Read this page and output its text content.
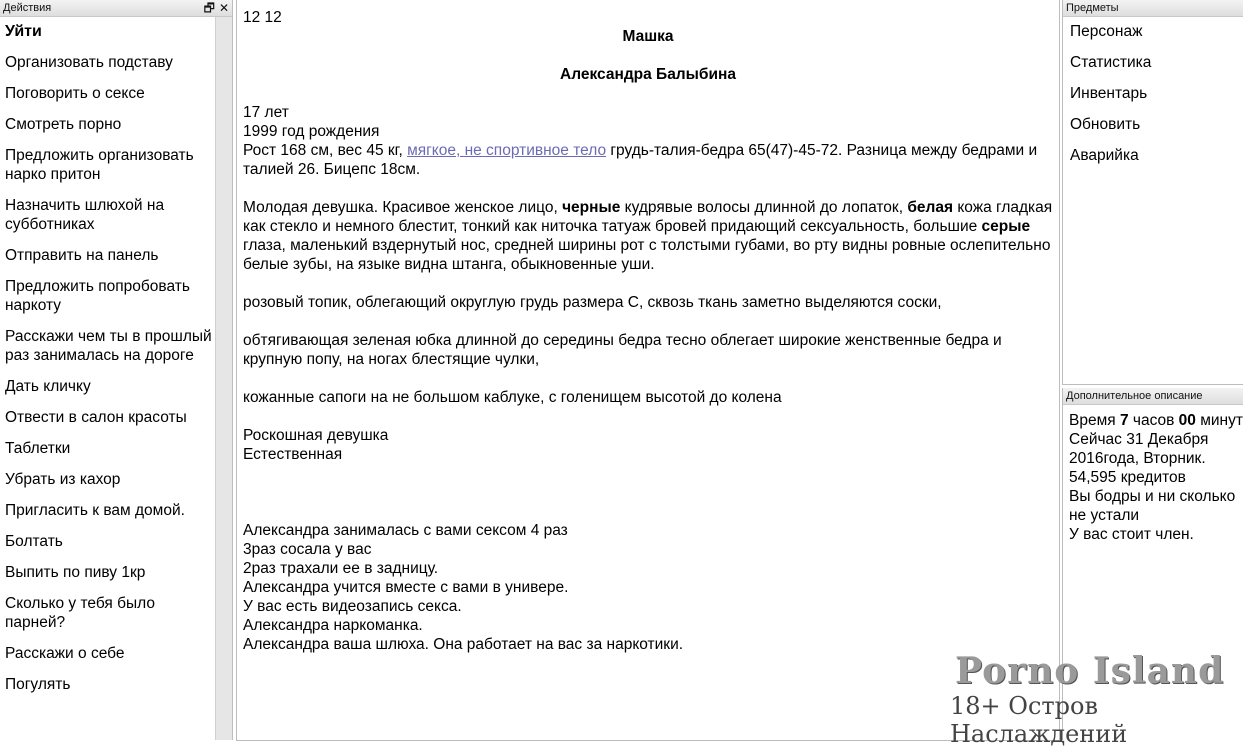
Действия	🗗 ✕
Уйти
Организовать подставу
Поговорить о сексе
Смотреть порно
Предложить организовать нарко притон
Назначить шлюхой на субботниках
Отправить на панель
Предложить попробовать наркоту
Расскажи чем ты в прошлый раз занималась на дороге
Дать кличку
Отвести в салон красоты
Таблетки
Убрать из кахор
Пригласить к вам домой.
Болтать
Выпить по пиву 1кр
Сколько у тебя было парней?
Расскажи о себе
Погулять
12 12
Машка
Александра Балыбина
17 лет
1999 год рождения
Рост 168 см, вес 45 кг, мягкое, не спортивное тело грудь-талия-бедра 65(47)-45-72. Разница между бедрами и талией 26. Бицепс 18см.
Молодая девушка. Красивое женское лицо, черные кудрявые волосы длинной до лопаток, белая кожа гладкая как стекло и немного блестит, тонкий как ниточка татуаж бровей придающий сексуальность, большие серые глаза, маленький вздернутый нос, средней ширины рот с толстыми губами, во рту видны ровные ослепительно белые зубы, на языке видна штанга, обыкновенные уши.
розовый топик, облегающий округлую грудь размера C, сквозь ткань заметно выделяются соски,
обтягивающая зеленая юбка длинной до середины бедра тесно облегает широкие женственные бедра и крупную попу, на ногах блестящие чулки,
кожанные сапоги на не большом каблуке, с голенищем высотой до колена
Роскошная девушка
Естественная
Александра занималась с вами сексом 4 раз
3раз сосала у вас
2раз трахали ее в задницу.
Александра учится вместе с вами в универе.
У вас есть видеозапись секса.
Александра наркоманка.
Александра ваша шлюха. Она работает на вас за наркотики.
Предметы
Персонаж
Статистика
Инвентарь
Обновить
Аварийка
Дополнительное описание
Время 7 часов 00 минут
Сейчас 31 Декабря 2016года, Вторник.
54,595 кредитов
Вы бодры и ни сколько не устали
У вас стоит член.
Porno Island
18+ Остров Наслаждений
